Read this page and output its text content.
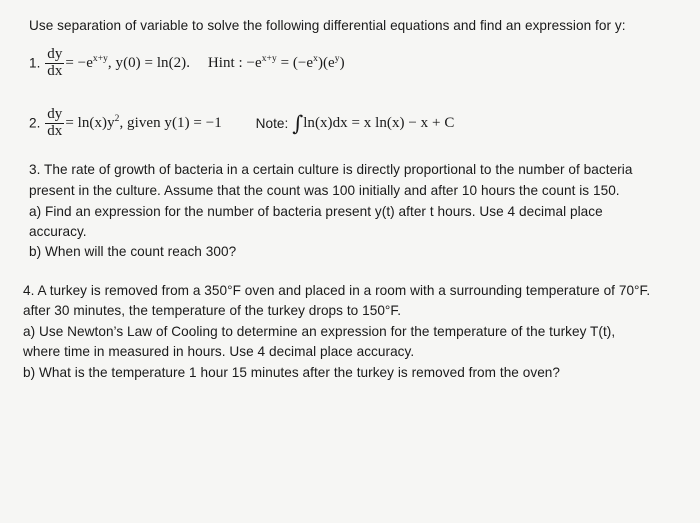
Use separation of variable to solve the following differential equations and find an expression for y:
1. $\frac{dy}{dx} = -e^{x+y}$, y(0) = ln(2). Hint : $-e^{x+y} = (-e^x)(e^y)$
2. $\frac{dy}{dx} = \ln(x)y^2$, given y(1) = −1 Note: ∫ln(x)dx = x ln(x) − x + C
3. The rate of growth of bacteria in a certain culture is directly proportional to the number of bacteria
present in the culture. Assume that the count was 100 initially and after 10 hours the count is 150.
a) Find an expression for the number of bacteria present y(t) after t hours. Use 4 decimal place
accuracy.
b) When will the count reach 300?
4. A turkey is removed from a 350°F oven and placed in a room with a surrounding temperature of 70°F.
after 30 minutes, the temperature of the turkey drops to 150°F.
a) Use Newton’s Law of Cooling to determine an expression for the temperature of the turkey T(t),
where time in measured in hours. Use 4 decimal place accuracy.
b) What is the temperature 1 hour 15 minutes after the turkey is removed from the oven?
